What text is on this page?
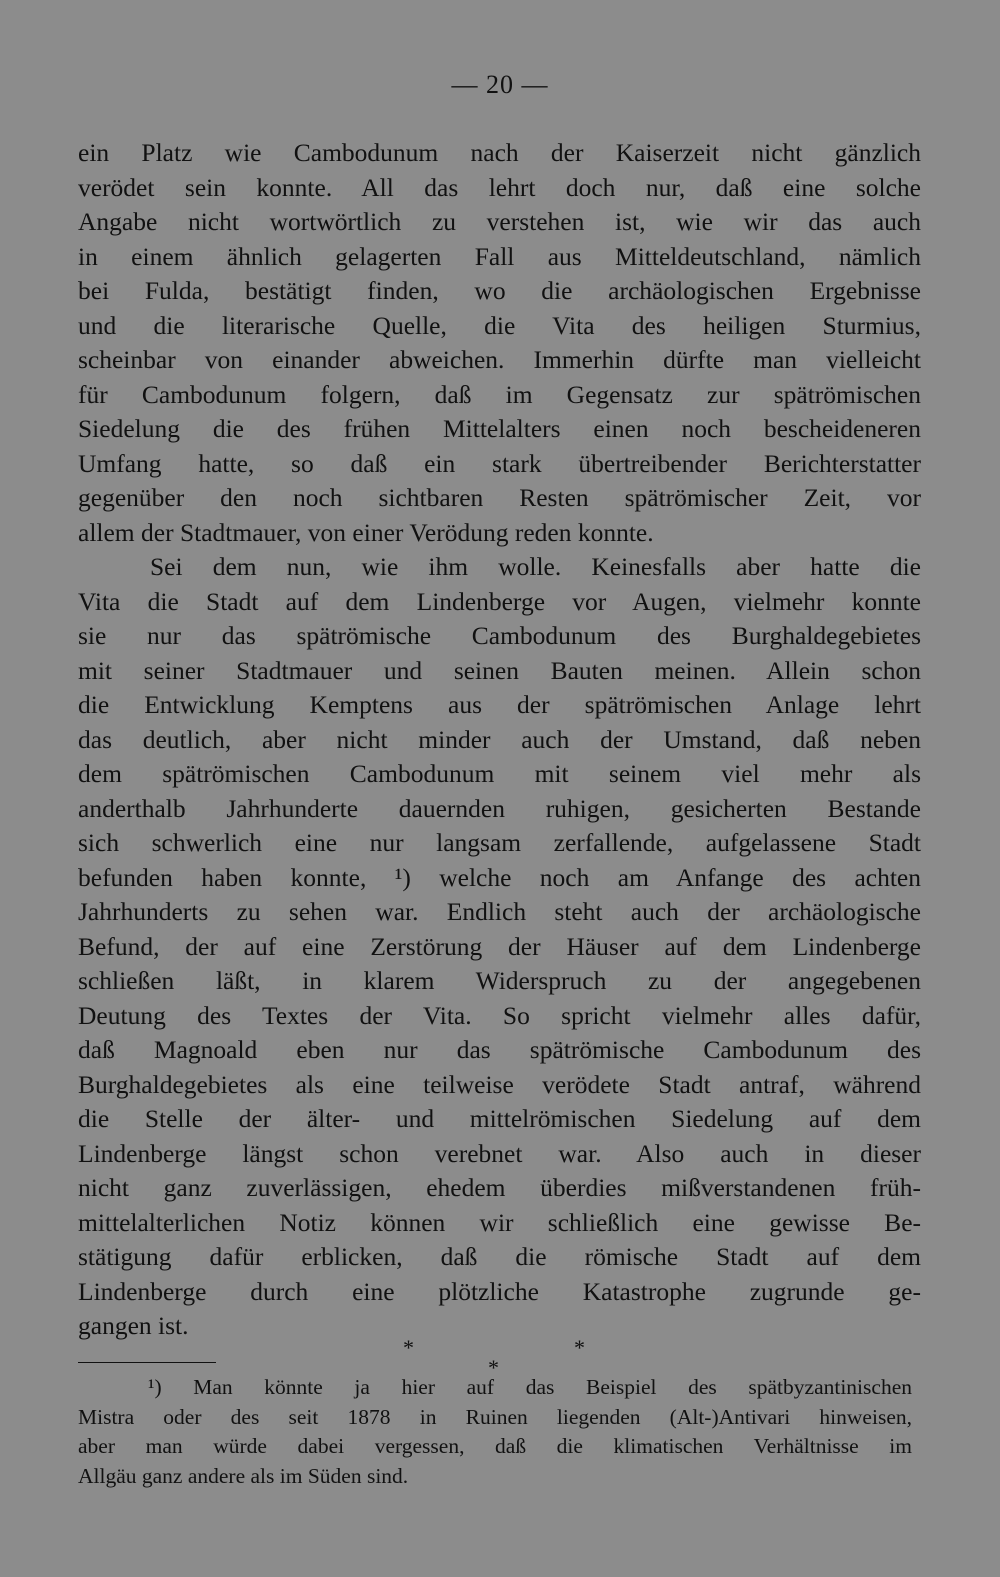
— 20 —
ein Platz wie Cambodunum nach der Kaiserzeit nicht gänzlich
verödet sein konnte. All das lehrt doch nur, daß eine solche
Angabe nicht wortwörtlich zu verstehen ist, wie wir das auch
in einem ähnlich gelagerten Fall aus Mitteldeutschland, nämlich
bei Fulda, bestätigt finden, wo die archäologischen Ergebnisse
und die literarische Quelle, die Vita des heiligen Sturmius,
scheinbar von einander abweichen. Immerhin dürfte man vielleicht
für Cambodunum folgern, daß im Gegensatz zur spätrömischen
Siedelung die des frühen Mittelalters einen noch bescheideneren
Umfang hatte, so daß ein stark übertreibender Berichterstatter
gegenüber den noch sichtbaren Resten spätrömischer Zeit, vor
allem der Stadtmauer, von einer Verödung reden konnte.
Sei dem nun, wie ihm wolle. Keinesfalls aber hatte die
Vita die Stadt auf dem Lindenberge vor Augen, vielmehr konnte
sie nur das spätrömische Cambodunum des Burghaldegebietes
mit seiner Stadtmauer und seinen Bauten meinen. Allein schon
die Entwicklung Kemptens aus der spätrömischen Anlage lehrt
das deutlich, aber nicht minder auch der Umstand, daß neben
dem spätrömischen Cambodunum mit seinem viel mehr als
anderthalb Jahrhunderte dauernden ruhigen, gesicherten Bestande
sich schwerlich eine nur langsam zerfallende, aufgelassene Stadt
befunden haben konnte, ¹) welche noch am Anfange des achten
Jahrhunderts zu sehen war. Endlich steht auch der archäologische
Befund, der auf eine Zerstörung der Häuser auf dem Lindenberge
schließen läßt, in klarem Widerspruch zu der angegebenen
Deutung des Textes der Vita. So spricht vielmehr alles dafür,
daß Magnoald eben nur das spätrömische Cambodunum des
Burghaldegebietes als eine teilweise verödete Stadt antraf, während
die Stelle der älter- und mittelrömischen Siedelung auf dem
Lindenberge längst schon verebnet war. Also auch in dieser
nicht ganz zuverlässigen, ehedem überdies mißverstandenen früh-
mittelalterlichen Notiz können wir schließlich eine gewisse Be-
stätigung dafür erblicken, daß die römische Stadt auf dem
Lindenberge durch eine plötzliche Katastrophe zugrunde ge-
gangen ist.
*	*
*
¹) Man könnte ja hier auf das Beispiel des spätbyzantinischen
Mistra oder des seit 1878 in Ruinen liegenden (Alt-)Antivari hinweisen,
aber man würde dabei vergessen, daß die klimatischen Verhältnisse im
Allgäu ganz andere als im Süden sind.
